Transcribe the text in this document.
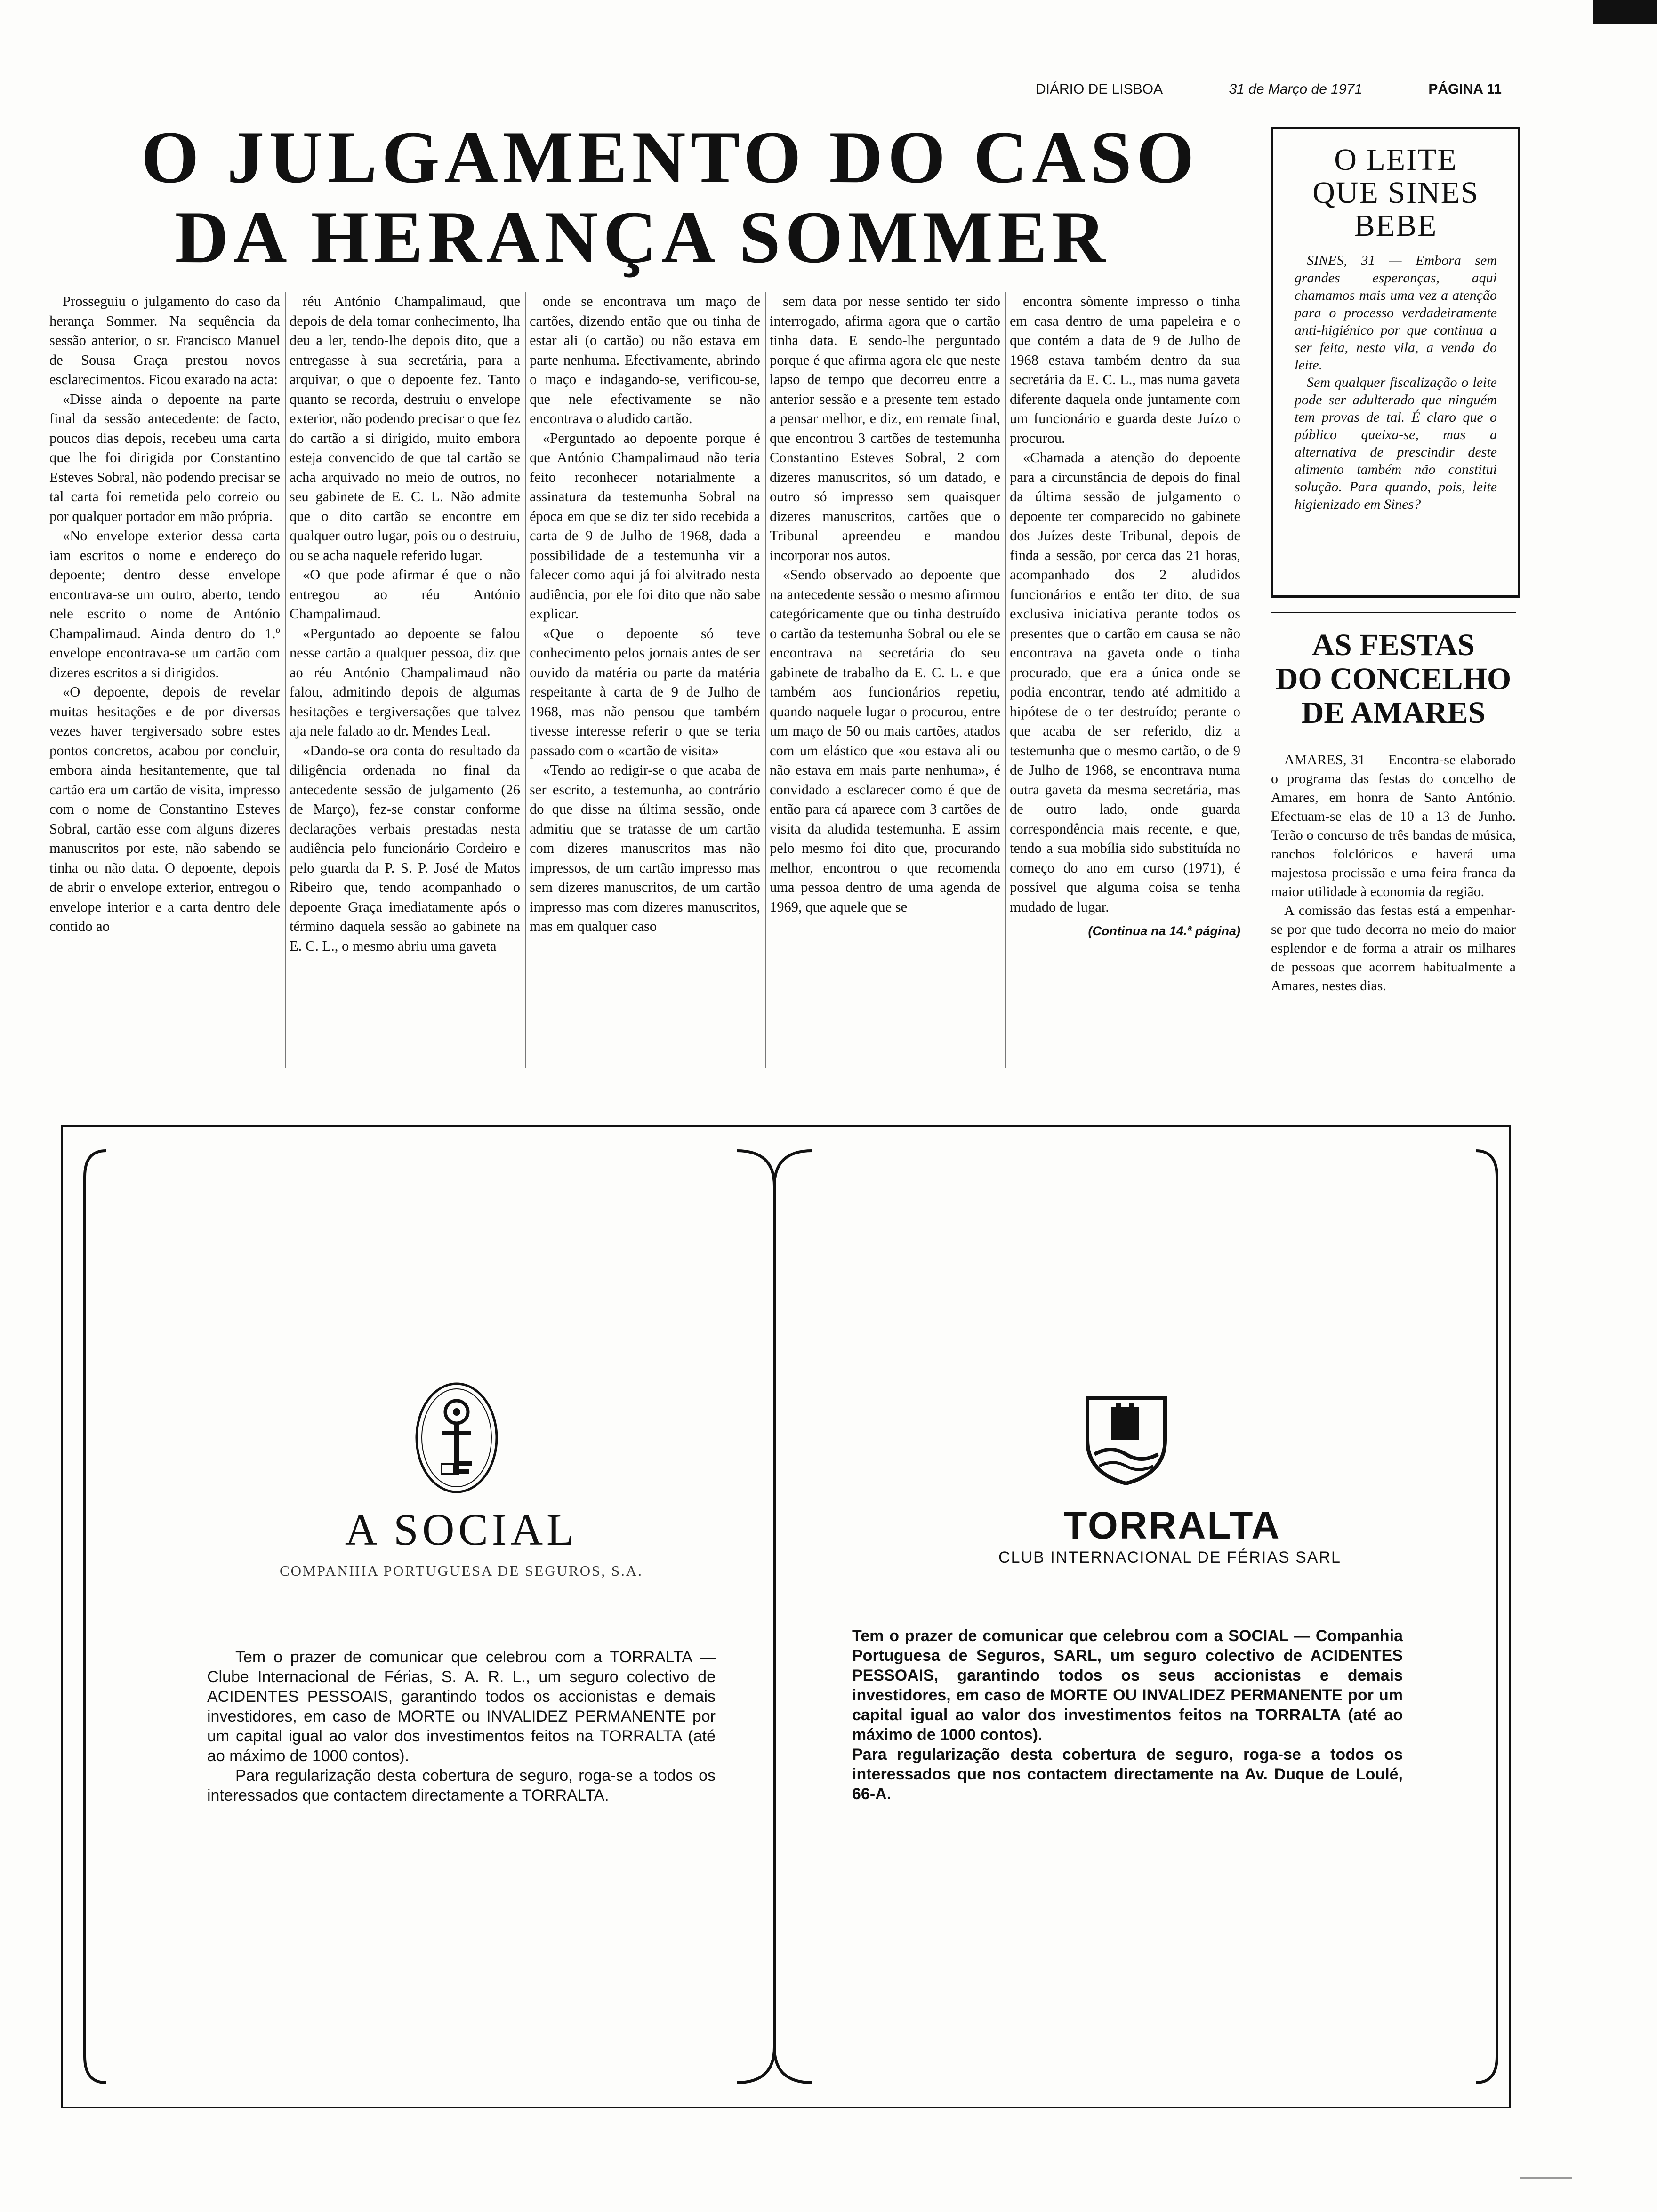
DIÁRIO DE LISBOA	31 de Março de 1971	PÁGINA 11
O JULGAMENTO DO CASO
DA HERANÇA SOMMER

Prosseguiu o julgamento do caso da herança Sommer. Na sequência da sessão anterior, o sr. Francisco Manuel de Sousa Graça prestou novos esclarecimentos. Ficou exarado na acta:

«Disse ainda o depoente na parte final da sessão antecedente: de facto, poucos dias depois, recebeu uma carta que lhe foi dirigida por Constantino Esteves Sobral, não podendo precisar se tal carta foi remetida pelo correio ou por qualquer portador em mão própria.

«No envelope exterior dessa carta iam escritos o nome e endereço do depoente; dentro desse envelope encontrava-se um outro, aberto, tendo nele escrito o nome de António Champalimaud. Ainda dentro do 1.º envelope encontrava-se um cartão com dizeres escritos a si dirigidos.

«O depoente, depois de revelar muitas hesitações e de por diversas vezes haver tergiversado sobre estes pontos concretos, acabou por concluir, embora ainda hesitantemente, que tal cartão era um cartão de visita, impresso com o nome de Constantino Esteves Sobral, cartão esse com alguns dizeres manuscritos por este, não sabendo se tinha ou não data. O depoente, depois de abrir o envelope exterior, entregou o envelope interior e a carta dentro dele contido ao

réu António Champalimaud, que depois de dela tomar conhecimento, lha deu a ler, tendo-lhe depois dito, que a entregasse à sua secretária, para a arquivar, o que o depoente fez. Tanto quanto se recorda, destruiu o envelope exterior, não podendo precisar o que fez do cartão a si dirigido, muito embora esteja convencido de que tal cartão se acha arquivado no meio de outros, no seu gabinete de E. C. L. Não admite que o dito cartão se encontre em qualquer outro lugar, pois ou o destruiu, ou se acha naquele referido lugar.

«O que pode afirmar é que o não entregou ao réu António Champalimaud.

«Perguntado ao depoente se falou nesse cartão a qualquer pessoa, diz que ao réu António Champalimaud não falou, admitindo depois de algumas hesitações e tergiversações que talvez aja nele falado ao dr. Mendes Leal.

«Dando-se ora conta do resultado da diligência ordenada no final da antecedente sessão de julgamento (26 de Março), fez-se constar conforme declarações verbais prestadas nesta audiência pelo funcionário Cordeiro e pelo guarda da P. S. P. José de Matos Ribeiro que, tendo acompanhado o depoente Graça imediatamente após o término daquela sessão ao gabinete na E. C. L., o mesmo abriu uma gaveta

onde se encontrava um maço de cartões, dizendo então que ou tinha de estar ali (o cartão) ou não estava em parte nenhuma. Efectivamente, abrindo o maço e indagando-se, verificou-se, que nele efectivamente se não encontrava o aludido cartão.

«Perguntado ao depoente porque é que António Champalimaud não teria feito reconhecer notarialmente a assinatura da testemunha Sobral na época em que se diz ter sido recebida a carta de 9 de Julho de 1968, dada a possibilidade de a testemunha vir a falecer como aqui já foi alvitrado nesta audiência, por ele foi dito que não sabe explicar.

«Que o depoente só teve conhecimento pelos jornais antes de ser ouvido da matéria ou parte da matéria respeitante à carta de 9 de Julho de 1968, mas não pensou que também tivesse interesse referir o que se teria passado com o «cartão de visita»

«Tendo ao redigir-se o que acaba de ser escrito, a testemunha, ao contrário do que disse na última sessão, onde admitiu que se tratasse de um cartão com dizeres manuscritos mas não impressos, de um cartão impresso mas sem dizeres manuscritos, de um cartão impresso mas com dizeres manuscritos, mas em qualquer caso

sem data por nesse sentido ter sido interrogado, afirma agora que o cartão tinha data. E sendo-lhe perguntado porque é que afirma agora ele que neste lapso de tempo que decorreu entre a anterior sessão e a presente tem estado a pensar melhor, e diz, em remate final, que encontrou 3 cartões de testemunha Constantino Esteves Sobral, 2 com dizeres manuscritos, só um datado, e outro só impresso sem quaisquer dizeres manuscritos, cartões que o Tribunal apreendeu e mandou incorporar nos autos.

«Sendo observado ao depoente que na antecedente sessão o mesmo afirmou categóricamente que ou tinha destruído o cartão da testemunha Sobral ou ele se encontrava na secretária do seu gabinete de trabalho da E. C. L. e que também aos funcionários repetiu, quando naquele lugar o procurou, entre um maço de 50 ou mais cartões, atados com um elástico que «ou estava ali ou não estava em mais parte nenhuma», é convidado a esclarecer como é que de então para cá aparece com 3 cartões de visita da aludida testemunha. E assim pelo mesmo foi dito que, procurando melhor, encontrou o que recomenda uma pessoa dentro de uma agenda de 1969, que aquele que se

encontra sòmente impresso o tinha em casa dentro de uma papeleira e o que contém a data de 9 de Julho de 1968 estava também dentro da sua secretária da E. C. L., mas numa gaveta diferente daquela onde juntamente com um funcionário e guarda deste Juízo o procurou.

«Chamada a atenção do depoente para a circunstância de depois do final da última sessão de julgamento o depoente ter comparecido no gabinete dos Juízes deste Tribunal, depois de finda a sessão, por cerca das 21 horas, acompanhado dos 2 aludidos funcionários e então ter dito, de sua exclusiva iniciativa perante todos os presentes que o cartão em causa se não encontrava na gaveta onde o tinha procurado, que era a única onde se podia encontrar, tendo até admitido a hipótese de o ter destruído; perante o que acaba de ser referido, diz a testemunha que o mesmo cartão, o de 9 de Julho de 1968, se encontrava numa outra gaveta da mesma secretária, mas de outro lado, onde guarda correspondência mais recente, e que, tendo a sua mobília sido substituída no começo do ano em curso (1971), é possível que alguma coisa se tenha mudado de lugar.

(Continua na 14.ª página)
O LEITE
QUE SINES
BEBE

SINES, 31 — Embora sem grandes esperanças, aqui chamamos mais uma vez a atenção para o processo verdadeiramente anti-higiénico por que continua a ser feita, nesta vila, a venda do leite.

Sem qualquer fiscalização o leite pode ser adulterado que ninguém tem provas de tal. É claro que o público queixa-se, mas a alternativa de prescindir deste alimento também não constitui solução. Para quando, pois, leite higienizado em Sines?

AS FESTAS
DO CONCELHO
DE AMARES

AMARES, 31 — Encontra-se elaborado o programa das festas do concelho de Amares, em honra de Santo António. Efectuam-se elas de 10 a 13 de Junho. Terão o concurso de três bandas de música, ranchos folclóricos e haverá uma majestosa procissão e uma feira franca da maior utilidade à economia da região.

A comissão das festas está a empenhar-se por que tudo decorra no meio do maior esplendor e de forma a atrair os milhares de pessoas que acorrem habitualmente a Amares, nestes dias.

A SOCIAL
COMPANHIA PORTUGUESA DE SEGUROS, S.A.

Tem o prazer de comunicar que celebrou com a TORRALTA — Clube Internacional de Férias, S. A. R. L., um seguro colectivo de ACIDENTES PESSOAIS, garantindo todos os accionistas e demais investidores, em caso de MORTE ou INVALIDEZ PERMANENTE por um capital igual ao valor dos investimentos feitos na TORRALTA (até ao máximo de 1000 contos).

Para regularização desta cobertura de seguro, roga-se a todos os interessados que contactem directamente a TORRALTA.

TORRALTA
CLUB INTERNACIONAL DE FÉRIAS SARL

Tem o prazer de comunicar que celebrou com a SOCIAL — Companhia Portuguesa de Seguros, SARL, um seguro colectivo de ACIDENTES PESSOAIS, garantindo todos os seus accionistas e demais investidores, em caso de MORTE OU INVALIDEZ PERMANENTE por um capital igual ao valor dos investimentos feitos na TORRALTA (até ao máximo de 1000 contos).

Para regularização desta cobertura de seguro, roga-se a todos os interessados que nos contactem directamente na Av. Duque de Loulé, 66-A.
